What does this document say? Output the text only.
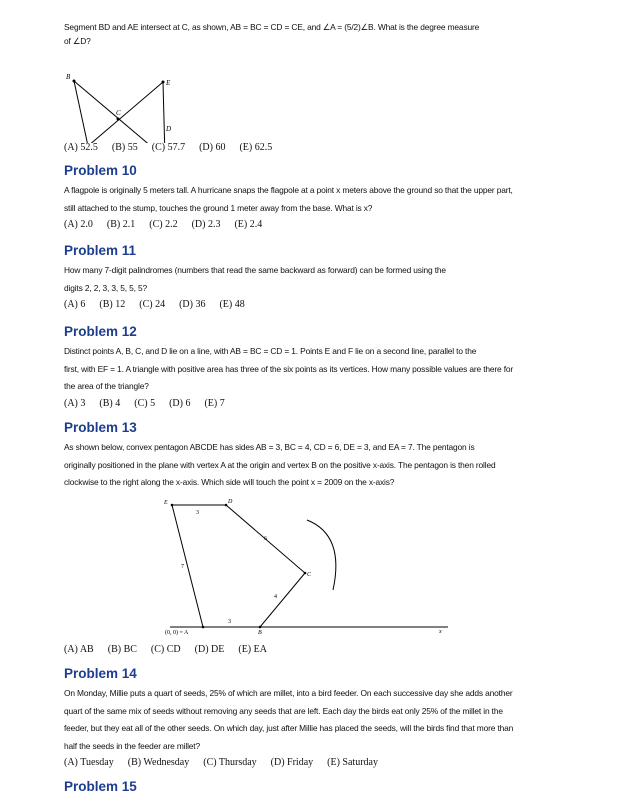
Segment BD and AE intersect at C, as shown, AB = BC = CD = CE, and ∠A = (5/2)∠B. What is the degree measure
of ∠D?
B
E
C
D
(A) 52.5 (B) 55 (C) 57.7 (D) 60 (E) 62.5
Problem 10
A flagpole is originally 5 meters tall. A hurricane snaps the flagpole at a point x meters above the ground so that the upper part,
still attached to the stump, touches the ground 1 meter away from the base. What is x?
(A) 2.0 (B) 2.1 (C) 2.2 (D) 2.3 (E) 2.4
Problem 11
How many 7-digit palindromes (numbers that read the same backward as forward) can be formed using the
digits 2, 2, 3, 3, 5, 5, 5?
(A) 6 (B) 12 (C) 24 (D) 36 (E) 48
Problem 12
Distinct points A, B, C, and D lie on a line, with AB = BC = CD = 1. Points E and F lie on a second line, parallel to the
first, with EF = 1. A triangle with positive area has three of the six points as its vertices. How many possible values are there for
the area of the triangle?
(A) 3 (B) 4 (C) 5 (D) 6 (E) 7
Problem 13
As shown below, convex pentagon ABCDE has sides AB = 3, BC = 4, CD = 6, DE = 3, and EA = 7. The pentagon is
originally positioned in the plane with vertex A at the origin and vertex B on the positive x-axis. The pentagon is then rolled
clockwise to the right along the x-axis. Which side will touch the point x = 2009 on the x-axis?
E	D
C
B
(0, 0) = A	x
3
6
7
4
3
(A) AB (B) BC (C) CD (D) DE (E) EA
Problem 14
On Monday, Millie puts a quart of seeds, 25% of which are millet, into a bird feeder. On each successive day she adds another
quart of the same mix of seeds without removing any seeds that are left. Each day the birds eat only 25% of the millet in the
feeder, but they eat all of the other seeds. On which day, just after Millie has placed the seeds, will the birds find that more than
half the seeds in the feeder are millet?
(A) Tuesday (B) Wednesday (C) Thursday (D) Friday (E) Saturday
Problem 15
